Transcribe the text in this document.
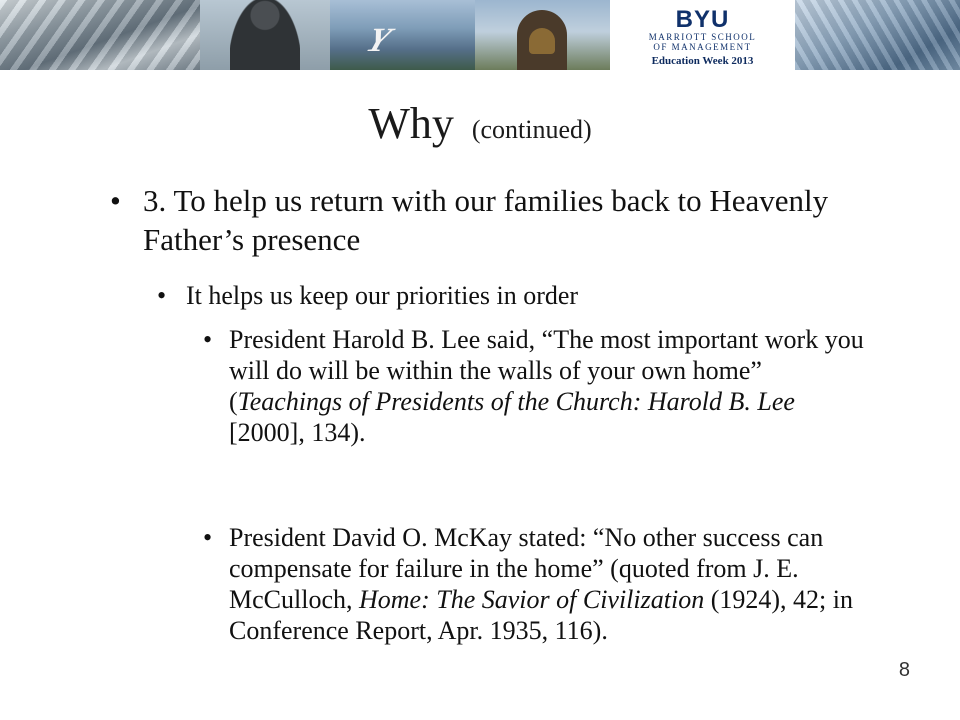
Y
BYU
MARRIOTT SCHOOL
OF MANAGEMENT
Education Week 2013
Why (continued)
• 3. To help us return with our families back to Heavenly Father’s presence
• It helps us keep our priorities in order
• President Harold B. Lee said, “The most important work you will do will be within the walls of your own home” (Teachings of Presidents of the Church: Harold B. Lee [2000], 134).
• President David O. McKay stated: “No other success can compensate for failure in the home” (quoted from J. E. McCulloch, Home: The Savior of Civilization (1924), 42; in Conference Report, Apr. 1935, 116).
8
